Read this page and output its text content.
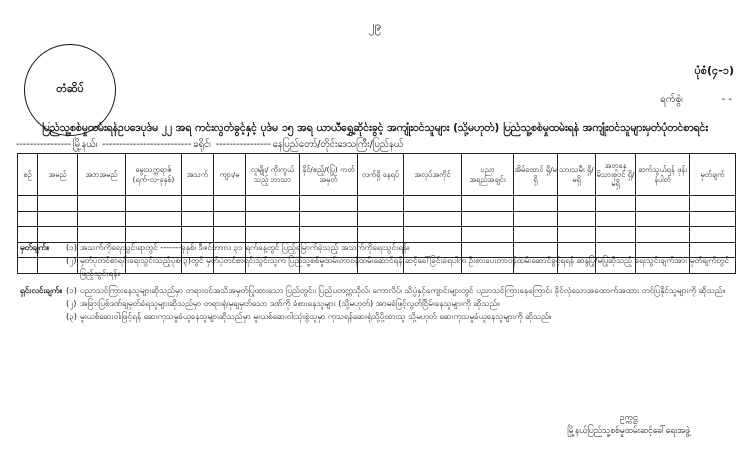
၂၉
တံဆိပ်
ပုံစံ(၄-၁)
ရက်စွဲ၊	- -
ပြည်သူ့စစ်မှုထမ်းရန်ဥပဒေပုဒ်မ ၂၂ အရ ကင်းလွတ်ခွင့်နှင့် ပုဒ်မ ၁၅ အရ ယာယီရွှေ့ဆိုင်းခွင့် အကျုံးဝင်သူများ (သို့မဟုတ်) ပြည်သူ့စစ်မှုထမ်းရန် အကျုံးဝင်သူများမှတ်ပုံတင်စာရင်း
---------------- မြို့နယ်၊ -------------------------- ခရိုင်၊ ---------------- နေပြည်တော်/တိုင်းဒေသကြီး/ပြည်နယ်
စဉ်	အမည်	အဘအမည်	မွေးသက္ကရာဇ် (ရက်-လ-ခုနှစ်)	အသက်	ကျား/မ	လူမျိုး/ ကိုးကွယ်သည့် ဘာသာ	နိုင်/ဧည့်/(ပြု) ကတ်အမှတ်	လက်ရှိ နေရပ်	အလုပ်အကိုင်	ပညာ အရည်အချင်း	အိမ်ထောင် ရှိ/မရှိ	သားသမီး ရှိ/မရှိ	အတူနေ မိသားစုဝင် ရှိ/မရှိ	ဆက်သွယ်ရန် ဖုန်းနံပါတ်	မှတ်ချက်

မှတ်ချက်။	(၁) အသက်ကိုရေးသွင်းရာတွင် -------ခုနှစ်၊ ဒီဇင်ဘာလ ၃၁ ရက်နေ့တွင် ပြည့်မြောက်ခဲ့သည့် အသက်ကိုရေးသွင်းရန်။
(၂) မှတ်ပုံတင်စာရင်းရေးသွင်းသည့်ပုံစံ(၃)တွင် မှတ်ပုံတင်စာရင်းသွင်းသူက ပြည်သူ့စစ်မှုထမ်းတာဝန်ထမ်းဆောင်ရန် ဆင့်ခေါ်ခြင်းခံရပါက ဦးစားပေးတာဝန်ထမ်းဆောင်ခွင့်ရရန် ဆန္ဒပြု/မပြုဆိုသည့် ရေးသွင်းချက်အား မှတ်ချက်တွင် ဖြည့်သွင်းရန်။
ရှင်းလင်းချက်။ (၁) ပညာသင်ကြားနေသူများဆိုသည်မှာ တရားဝင်အသိအမှတ်ပြုထားသော ပြည်တွင်း၊ ပြည်ပတက္ကသိုလ်၊ ကောလိပ်၊ သိပ္ပံနှင့်ကျောင်းများတွင် ပညာသင်ကြားနေကြောင်း ခိုင်လုံသောအထောက်အထား တင်ပြနိုင်သူများကို ဆိုသည်။
(၂) အခြားပြစ်ဒဏ်ချမှတ်ခံရသူများဆိုသည်မှာ တရားရုံးမှချမှတ်သော ဒဏ်ကို ခံစားနေသူများ (သို့မဟုတ်) အာမခံဖြင့်လွတ်ငြိမ်းနေသူများကို ဆိုသည်။
(၃) မူးယစ်ဆေးဝါးဖြင့်ရန် ဆေးကုသမှုခံယူနေသူများဆိုသည်မှာ မူးယစ်ဆေးဝါးသုံးစွဲသူမှာ ကုသရန်ဆေးရုံသို့ပို့ထားသူ သို့မဟုတ် ဆေးကုသမှုခံယူနေသူများကို ဆိုသည်။
ဥက္ကဋ္ဌ
မြို့နယ်ပြည်သူ့စစ်မှုထမ်းဆင့်ခေါ်ရေးအဖွဲ့
